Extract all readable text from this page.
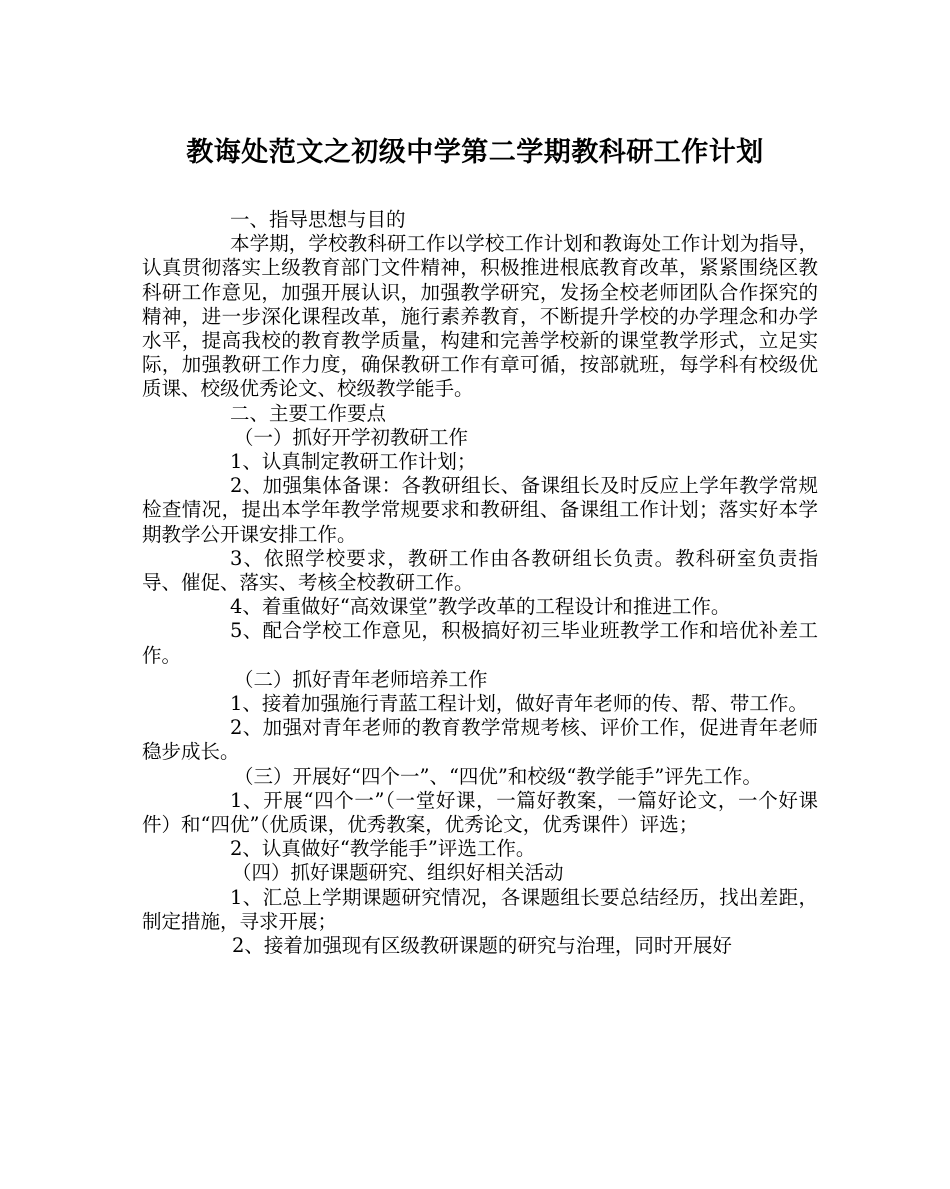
教诲处范文之初级中学第二学期教科研工作计划

一、指导思想与目的

本学期，学校教科研工作以学校工作计划和教诲处工作计划为指导，认真贯彻落实上级教育部门文件精神，积极推进根底教育改革，紧紧围绕区教科研工作意见，加强开展认识，加强教学研究，发扬全校老师团队合作探究的精神，进一步深化课程改革，施行素养教育，不断提升学校的办学理念和办学水平，提高我校的教育教学质量，构建和完善学校新的课堂教学形式，立足实际，加强教研工作力度，确保教研工作有章可循，按部就班，每学科有校级优质课、校级优秀论文、校级教学能手。

二、主要工作要点

（一）抓好开学初教研工作

1、认真制定教研工作计划；

2、加强集体备课：各教研组长、备课组长及时反应上学年教学常规检查情况，提出本学年教学常规要求和教研组、备课组工作计划；落实好本学期教学公开课安排工作。

3、依照学校要求，教研工作由各教研组长负责。教科研室负责指导、催促、落实、考核全校教研工作。

4、着重做好“高效课堂”教学改革的工程设计和推进工作。

5、配合学校工作意见，积极搞好初三毕业班教学工作和培优补差工作。

（二）抓好青年老师培养工作

1、接着加强施行青蓝工程计划，做好青年老师的传、帮、带工作。

2、加强对青年老师的教育教学常规考核、评价工作，促进青年老师稳步成长。

（三）开展好“四个一”、“四优”和校级“教学能手”评先工作。

1、开展“四个一”（一堂好课，一篇好教案，一篇好论文，一个好课件）和“四优”（优质课，优秀教案，优秀论文，优秀课件）评选；

2、认真做好“教学能手”评选工作。

（四）抓好课题研究、组织好相关活动

1、汇总上学期课题研究情况，各课题组长要总结经历，找出差距，制定措施，寻求开展；

2、接着加强现有区级教研课题的研究与治理，同时开展好
